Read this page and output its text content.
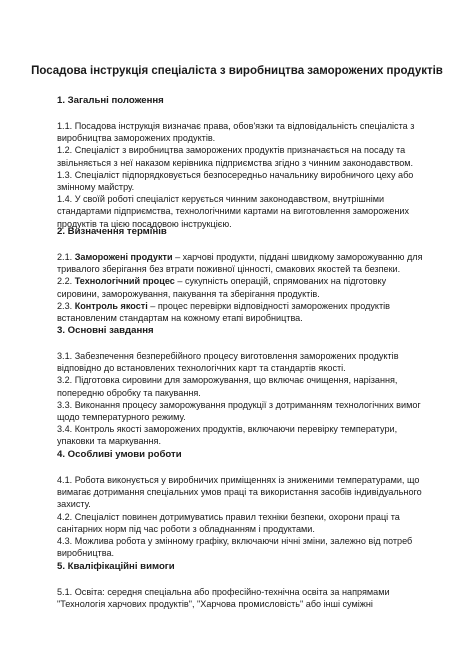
Посадова інструкція спеціаліста з виробництва заморожених продуктів
1. Загальні положення

1.1. Посадова інструкція визначає права, обов'язки та відповідальність спеціаліста з виробництва заморожених продуктів.

1.2. Спеціаліст з виробництва заморожених продуктів призначається на посаду та звільняється з неї наказом керівника підприємства згідно з чинним законодавством.

1.3. Спеціаліст підпорядковується безпосередньо начальнику виробничого цеху або змінному майстру.

1.4. У своїй роботі спеціаліст керується чинним законодавством, внутрішніми стандартами підприємства, технологічними картами на виготовлення заморожених продуктів та цією посадовою інструкцією.

2. Визначення термінів

2.1. Заморожені продукти – харчові продукти, піддані швидкому заморожуванню для тривалого зберігання без втрати поживної цінності, смакових якостей та безпеки.

2.2. Технологічний процес – сукупність операцій, спрямованих на підготовку сировини, заморожування, пакування та зберігання продуктів.

2.3. Контроль якості – процес перевірки відповідності заморожених продуктів встановленим стандартам на кожному етапі виробництва.

3. Основні завдання

3.1. Забезпечення безперебійного процесу виготовлення заморожених продуктів відповідно до встановлених технологічних карт та стандартів якості.

3.2. Підготовка сировини для заморожування, що включає очищення, нарізання, попередню обробку та пакування.

3.3. Виконання процесу заморожування продукції з дотриманням технологічних вимог щодо температурного режиму.

3.4. Контроль якості заморожених продуктів, включаючи перевірку температури, упаковки та маркування.

4. Особливі умови роботи

4.1. Робота виконується у виробничих приміщеннях із зниженими температурами, що вимагає дотримання спеціальних умов праці та використання засобів індивідуального захисту.

4.2. Спеціаліст повинен дотримуватись правил техніки безпеки, охорони праці та санітарних норм під час роботи з обладнанням і продуктами.

4.3. Можлива робота у змінному графіку, включаючи нічні зміни, залежно від потреб виробництва.

5. Кваліфікаційні вимоги

5.1. Освіта: середня спеціальна або професійно-технічна освіта за напрямами "Технологія харчових продуктів", "Харчова промисловість" або інші суміжні
